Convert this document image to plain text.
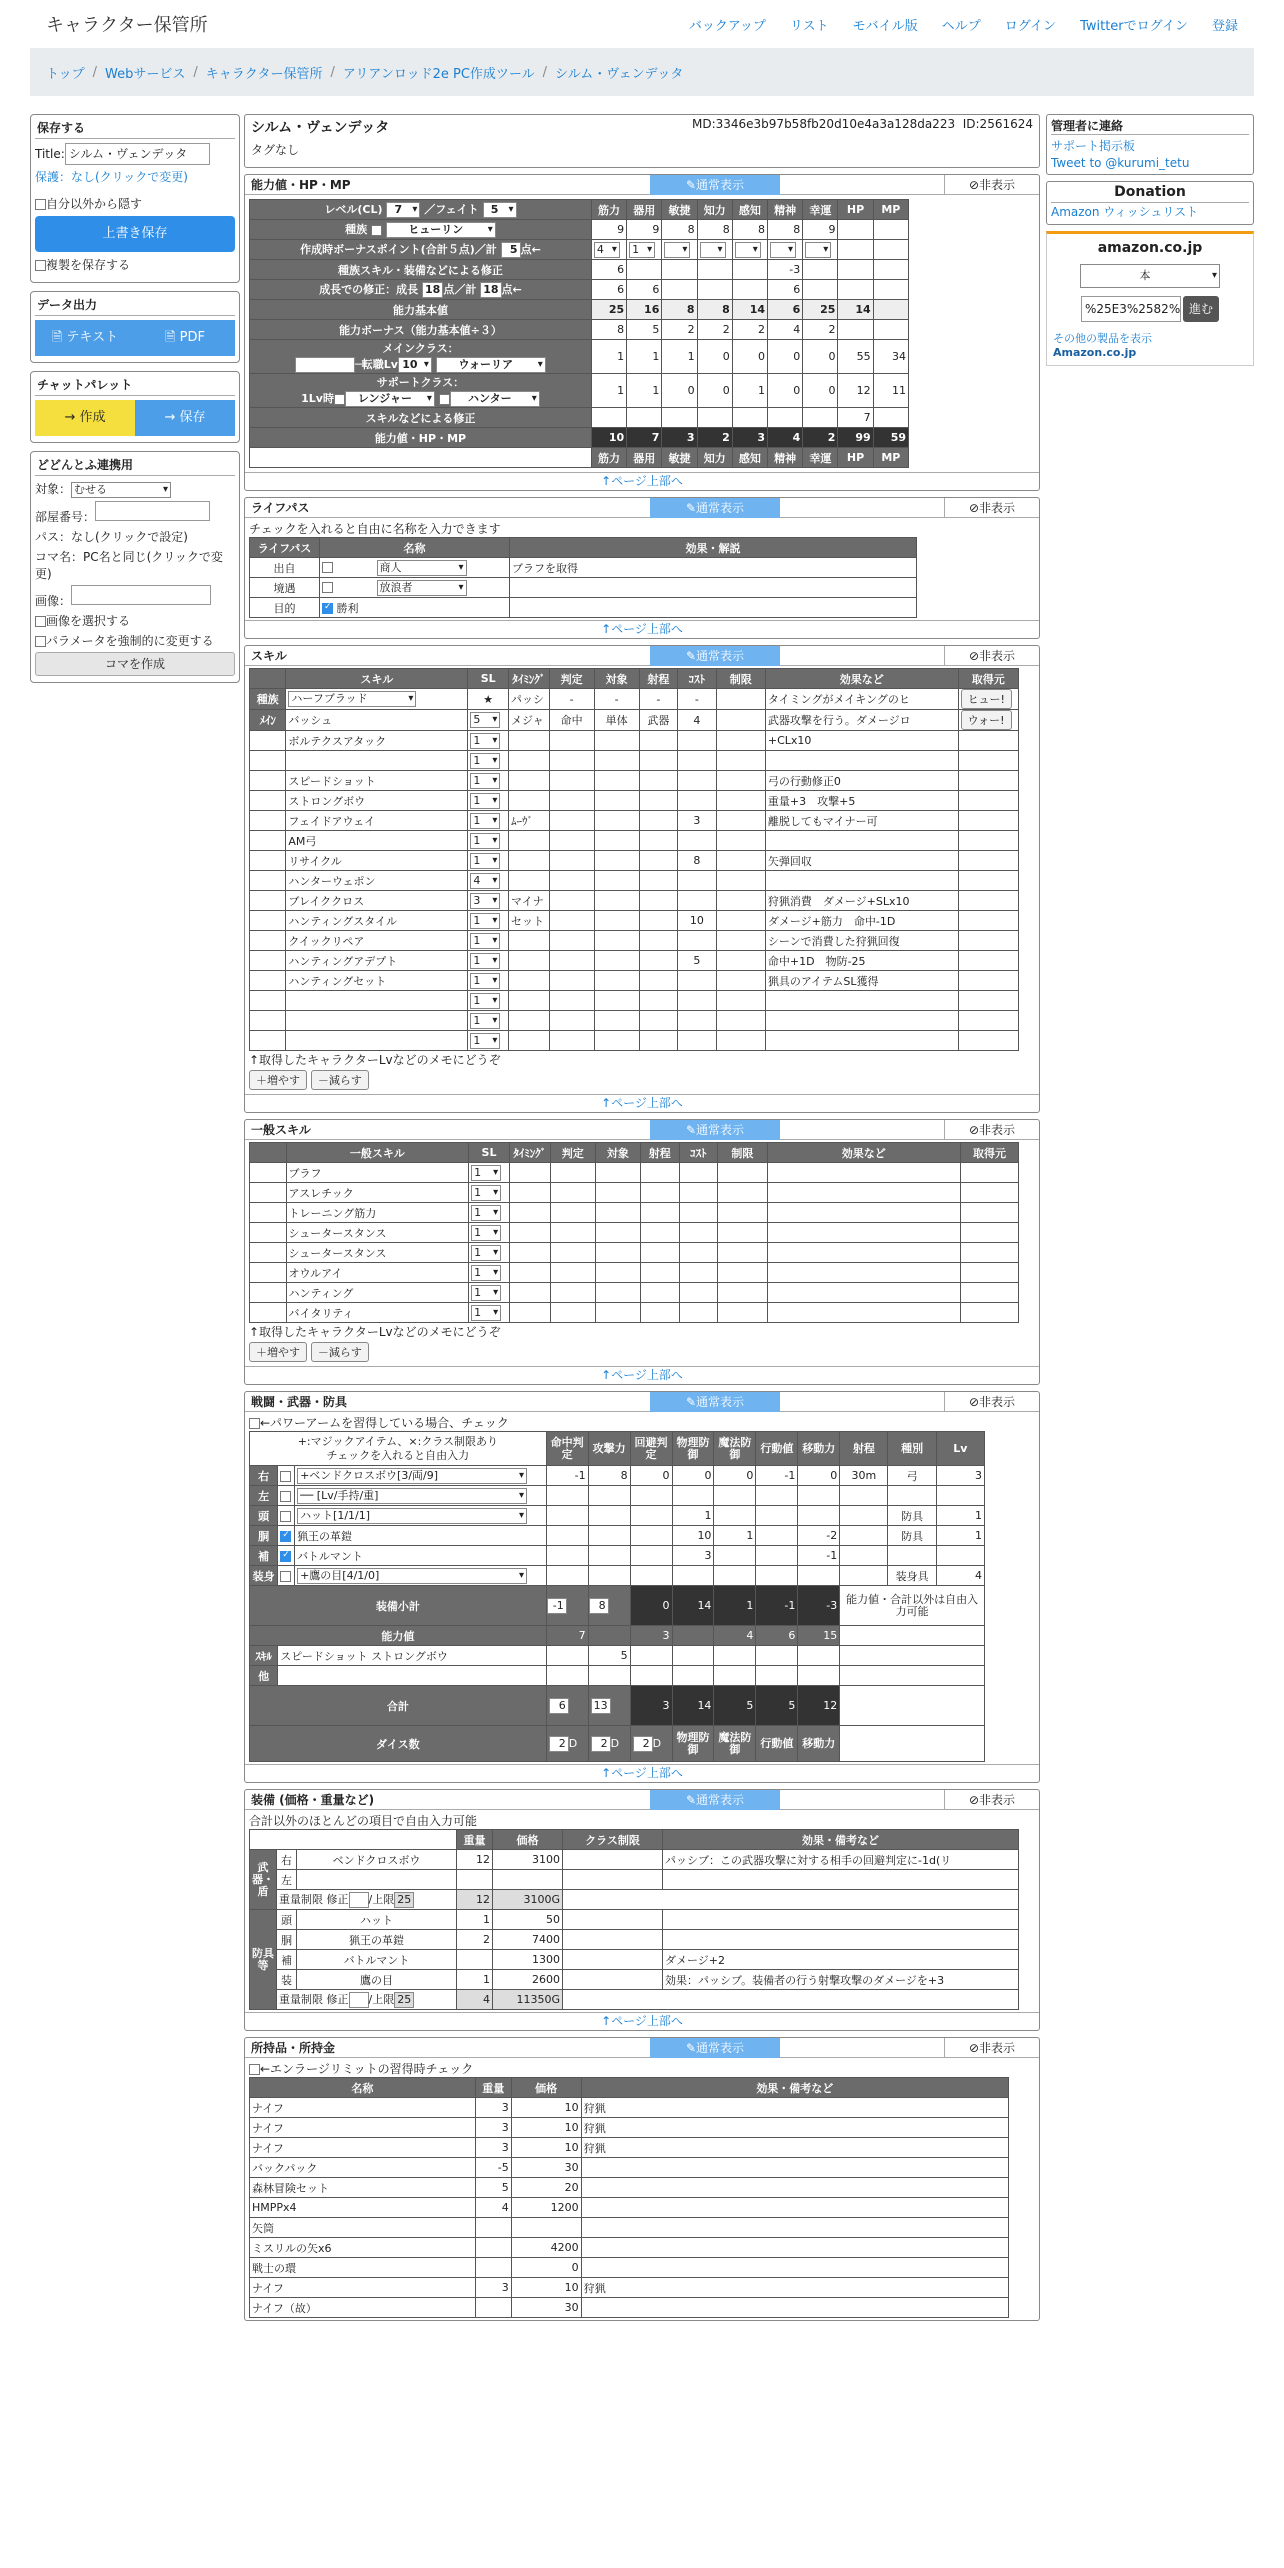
キャラクター保管所	バックアップ リスト モバイル版 ヘルプ ログイン Twitterでログイン 登録
トップ / Webサービス / キャラクター保管所 / アリアンロッド2e PC作成ツール / シルム・ヴェンデッタ
保存する
Title: シルム・ヴェンデッタ
保護：なし(クリックで変更)
自分以外から隠す
上書き保存
複製を保存する
データ出力
🗎 テキスト	🗎 PDF
チャットパレット
→ 作成	→ 保存
どどんとふ連携用
対象： むせる ▾
部屋番号：
パス：なし(クリックで設定)
コマ名：PC名と同じ(クリックで変更)
画像：
画像を選択する
パラメータを強制的に変更する
コマを作成
管理者に連絡
サポート掲示板
Tweet to @kurumi_tetu
Donation
Amazon ウィッシュリスト
amazon.co.jp
本 ▾
%25E3%2582% 進む
その他の製品を表示
Amazon.co.jp
シルム・ヴェンデッタ	MD:3346e3b97b58fb20d10e4a3a128da223 ID:2561624
タグなし
能力値・HP・MP	✎通常表示	⊘非表示
レベル(CL) 7 ▾ ／フェイト 5 ▾	筋力	器用	敏捷	知力	感知	精神	幸運	HP	MP
種族 ヒューリン ▾	9	9	8	8	8	8	9		
作成時ボーナスポイント(合計５点)／計 5 点←	4 ▾	1 ▾	▾	▾	▾	▾	▾		
種族スキル・装備などによる修正	6					-3			
成長での修正：成長 18 点／計 18 点←	6	6				6			
能力基本値	25	16	8	8	14	6	25	14	
能力ボーナス（能力基本値÷３）	8	5	2	2	2	4	2		
メインクラス：
─転職Lv 10 ▾ ウォーリア ▾	1	1	1	0	0	0	0	55	34
サポートクラス：
1Lv時 レンジャー ▾ ハンター ▾	1	1	0	0	1	0	0	12	11
スキルなどによる修正								7	
能力値・HP・MP	10	7	3	2	3	4	2	99	59
	筋力	器用	敏捷	知力	感知	精神	幸運	HP	MP
↑ページ上部へ
ライフパス	✎通常表示	⊘非表示
チェックを入れると自由に名称を入力できます
ライフパス	名称	効果・解説
出自	商人 ▾	ブラフを取得
境遇	放浪者 ▾	
目的	✓勝利	
↑ページ上部へ
スキル	✎通常表示	⊘非表示
	スキル	SL	ﾀｲﾐﾝｸﾞ	判定	対象	射程	ｺｽﾄ	制限	効果など	取得元
種族	ハーフブラッド ▾	★	パッシ	-	-	-	-		タイミングがメイキングのヒ	ヒュー!
ﾒｲﾝ	バッシュ	5 ▾	メジャ	命中	単体	武器	4		武器攻撃を行う。ダメージロ	ウォー!
	ボルテクスアタック	1 ▾							+CLx10	
		1 ▾								
	スピードショット	1 ▾							弓の行動修正0	
	ストロングボウ	1 ▾							重量+3　攻撃+5	
	フェイドアウェイ	1 ▾	ﾑｰｳﾞ				3		離脱してもマイナー可	
	AM弓	1 ▾								
	リサイクル	1 ▾					8		矢弾回収	
	ハンターウェポン	4 ▾								
	ブレイククロス	3 ▾	マイナ						狩猟消費　ダメージ+SLx10	
	ハンティングスタイル	1 ▾	セット				10		ダメージ+筋力　命中-1D	
	クイックリペア	1 ▾							シーンで消費した狩猟回復	
	ハンティングアデプト	1 ▾					5		命中+1D　物防-25	
	ハンティングセット	1 ▾							猟具のアイテムSL獲得	
		1 ▾								
		1 ▾								
		1 ▾								
↑取得したキャラクターLvなどのメモにどうぞ
＋増やす －減らす
↑ページ上部へ
一般スキル	✎通常表示	⊘非表示
	一般スキル	SL	ﾀｲﾐﾝｸﾞ	判定	対象	射程	ｺｽﾄ	制限	効果など	取得元
	ブラフ	1 ▾								
	アスレチック	1 ▾								
	トレーニング筋力	1 ▾								
	シュータースタンス	1 ▾								
	シュータースタンス	1 ▾								
	オウルアイ	1 ▾								
	ハンティング	1 ▾								
	バイタリティ	1 ▾								
↑取得したキャラクターLvなどのメモにどうぞ
＋増やす －減らす
↑ページ上部へ
戦闘・武器・防具	✎通常表示	⊘非表示
←パワーアームを習得している場合、チェック
+:マジックアイテム、×:クラス制限あり
チェックを入れると自由入力			命中判定	攻撃力	回避判定	物理防御	魔法防御	行動値	移動力	射程	種別	Lv
右		+ベンドクロスボウ[3/両/9] ▾	-1	8	0	0	0	-1	0	30m	弓	3
左		── [Lv/手持/重] ▾										
頭		ハット[1/1/1] ▾				1					防具	1
胴	✓	猟王の革鎧				10	1		-2		防具	1
補	✓	バトルマント				3			-1			
装身		+鷹の目[4/1/0] ▾									装身具	4
装備小計			-1	8	0	14	1	-1	-3	能力値・合計以外は自由入力可能		
能力値			7		3		4	6	15			
ｽｷﾙ	スピードショット ストロングボウ			5								
他												
合計			6	13	3	14	5	5	12			
ダイス数			2 D	2 D	2 D	物理防御	魔法防御	行動値	移動力			
↑ページ上部へ
装備 (価格・重量など)	✎通常表示	⊘非表示
合計以外のほとんどの項目で自由入力可能
			重量	価格	クラス制限	効果・備考など
武器・盾	右	ベンドクロスボウ	12	3100		パッシブ：この武器攻撃に対する相手の回避判定に-1d(リ
	左					
	重量制限 修正 /上限 25		12	3100G		
防具等	頭	ハット	1	50		
	胴	猟王の革鎧	2	7400		
	補	バトルマント		1300		ダメージ+2
	装	鷹の目	1	2600		効果：パッシブ。装備者の行う射撃攻撃のダメージを+3
	重量制限 修正 /上限 25		4	11350G		
↑ページ上部へ
所持品・所持金	✎通常表示	⊘非表示
←エンラージリミットの習得時チェック
名称	重量	価格	効果・備考など
ナイフ	3	10	狩猟
ナイフ	3	10	狩猟
ナイフ	3	10	狩猟
バックパック	-5	30	
森林冒険セット	5	20	
HMPPx4	4	1200	
矢筒			
ミスリルの矢x6		4200	
戦士の環		0	
ナイフ	3	10	狩猟
ナイフ（故）		30	
